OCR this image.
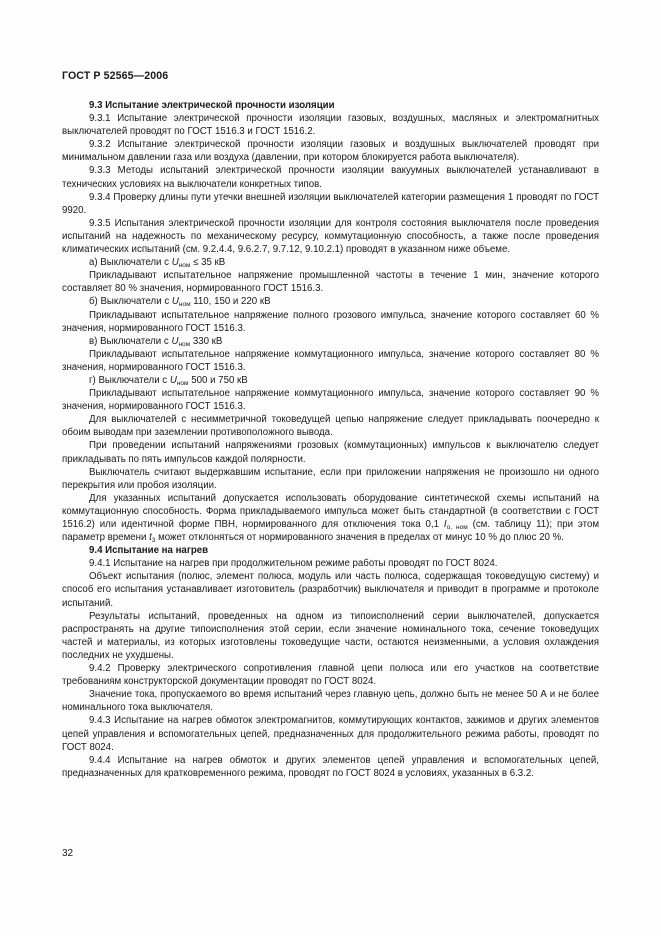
ГОСТ Р 52565—2006

9.3 Испытание электрической прочности изоляции

9.3.1 Испытание электрической прочности изоляции газовых, воздушных, масляных и электромагнитных выключателей проводят по ГОСТ 1516.3 и ГОСТ 1516.2.

9.3.2 Испытание электрической прочности изоляции газовых и воздушных выключателей проводят при минимальном давлении газа или воздуха (давлении, при котором блокируется работа выключателя).

9.3.3 Методы испытаний электрической прочности изоляции вакуумных выключателей устанавливают в технических условиях на выключатели конкретных типов.

9.3.4 Проверку длины пути утечки внешней изоляции выключателей категории размещения 1 проводят по ГОСТ 9920.

9.3.5 Испытания электрической прочности изоляции для контроля состояния выключателя после проведения испытаний на надежность по механическому ресурсу, коммутационную способность, а также после проведения климатических испытаний (см. 9.2.4.4, 9.6.2.7, 9.7.12, 9.10.2.1) проводят в указанном ниже объеме.

а) Выключатели с $U_{ном} \le 35$ кВ

Прикладывают испытательное напряжение промышленной частоты в течение 1 мин, значение которого составляет 80 % значения, нормированного ГОСТ 1516.3.

б) Выключатели с $U_{ном}$ 110, 150 и 220 кВ

Прикладывают испытательное напряжение полного грозового импульса, значение которого составляет 60 % значения, нормированного ГОСТ 1516.3.

в) Выключатели с $U_{ном}$ 330 кВ

Прикладывают испытательное напряжение коммутационного импульса, значение которого составляет 80 % значения, нормированного ГОСТ 1516.3.

г) Выключатели с $U_{ном}$ 500 и 750 кВ

Прикладывают испытательное напряжение коммутационного импульса, значение которого составляет 90 % значения, нормированного ГОСТ 1516.3.

Для выключателей с несимметричной токоведущей цепью напряжение следует прикладывать поочередно к обоим выводам при заземлении противоположного вывода.

При проведении испытаний напряжениями грозовых (коммутационных) импульсов к выключателю следует прикладывать по пять импульсов каждой полярности.

Выключатель считают выдержавшим испытание, если при приложении напряжения не произошло ни одного перекрытия или пробоя изоляции.

Для указанных испытаний допускается использовать оборудование синтетической схемы испытаний на коммутационную способность. Форма прикладываемого импульса может быть стандартной (в соответствии с ГОСТ 1516.2) или идентичной форме ПВН, нормированного для отключения тока 0,1 $I_{о, ном}$ (см. таблицу 11); при этом параметр времени $t_3$ может отклоняться от нормированного значения в пределах от минус 10 % до плюс 20 %.

9.4 Испытание на нагрев

9.4.1 Испытание на нагрев при продолжительном режиме работы проводят по ГОСТ 8024.

Объект испытания (полюс, элемент полюса, модуль или часть полюса, содержащая токоведущую систему) и способ его испытания устанавливает изготовитель (разработчик) выключателя и приводит в программе и протоколе испытаний.

Результаты испытаний, проведенных на одном из типоисполнений серии выключателей, допускается распространять на другие типоисполнения этой серии, если значение номинального тока, сечение токоведущих частей и материалы, из которых изготовлены токоведущие части, остаются неизменными, а условия охлаждения последних не ухудшены.

9.4.2 Проверку электрического сопротивления главной цепи полюса или его участков на соответствие требованиям конструкторской документации проводят по ГОСТ 8024.

Значение тока, пропускаемого во время испытаний через главную цепь, должно быть не менее 50 А и не более номинального тока выключателя.

9.4.3 Испытание на нагрев обмоток электромагнитов, коммутирующих контактов, зажимов и других элементов цепей управления и вспомогательных цепей, предназначенных для продолжительного режима работы, проводят по ГОСТ 8024.

9.4.4 Испытание на нагрев обмоток и других элементов цепей управления и вспомогательных цепей, предназначенных для кратковременного режима, проводят по ГОСТ 8024 в условиях, указанных в 6.3.2.

32
